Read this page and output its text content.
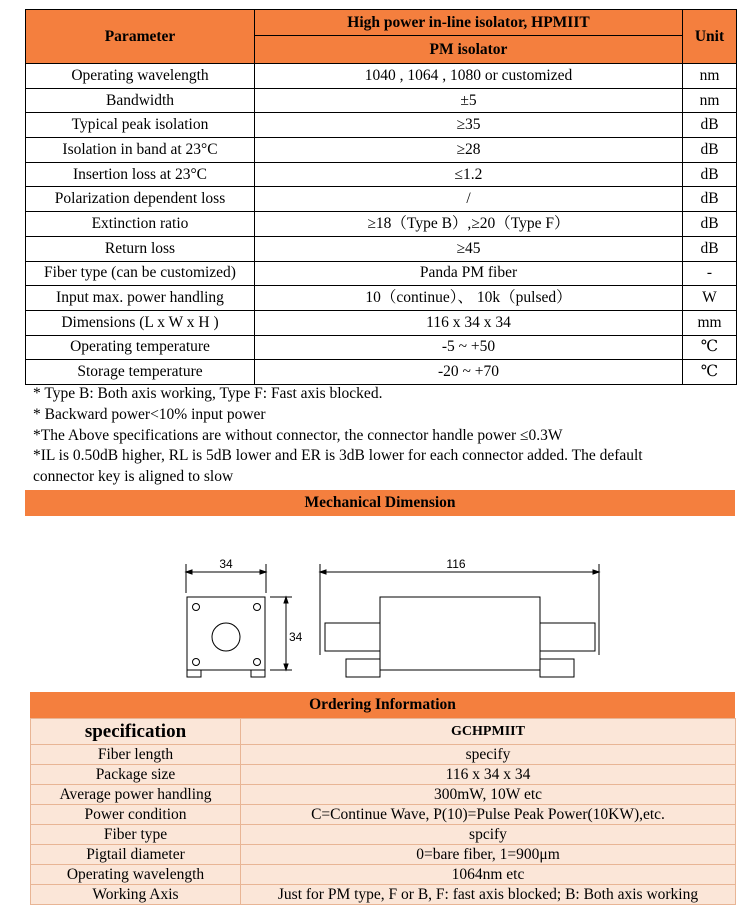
Parameter	High power in-line isolator, HPMIIT	Unit
	PM isolator	
Operating wavelength	1040 , 1064 , 1080 or customized	nm
Bandwidth	±5	nm
Typical peak isolation	≥35	dB
Isolation in band at 23°C	≥28	dB
Insertion loss at 23°C	≤1.2	dB
Polarization dependent loss	/	dB
Extinction ratio	≥18（Type B）,≥20（Type F）	dB
Return loss	≥45	dB
Fiber type (can be customized)	Panda PM fiber	-
Input max. power handling	10（continue）、 10k（pulsed）	W
Dimensions (L x W x H )	116 x 34 x 34	mm
Operating temperature	-5 ~ +50	℃
Storage temperature	-20 ~ +70	℃
* Type B: Both axis working, Type F: Fast axis blocked.
* Backward power<10% input power
*The Above specifications are without connector, the connector handle power ≤0.3W
*IL is 0.50dB higher, RL is 5dB lower and ER is 3dB lower for each connector added. The default
connector key is aligned to slow
Mechanical Dimension
34
34
116
Ordering Information
specification	GCHPMIIT
Fiber length	specify
Package size	116 x 34 x 34
Average power handling	300mW, 10W etc
Power condition	C=Continue Wave, P(10)=Pulse Peak Power(10KW),etc.
Fiber type	spcify
Pigtail diameter	0=bare fiber, 1=900μm
Operating wavelength	1064nm etc
Working Axis	Just for PM type, F or B, F: fast axis blocked; B: Both axis working
